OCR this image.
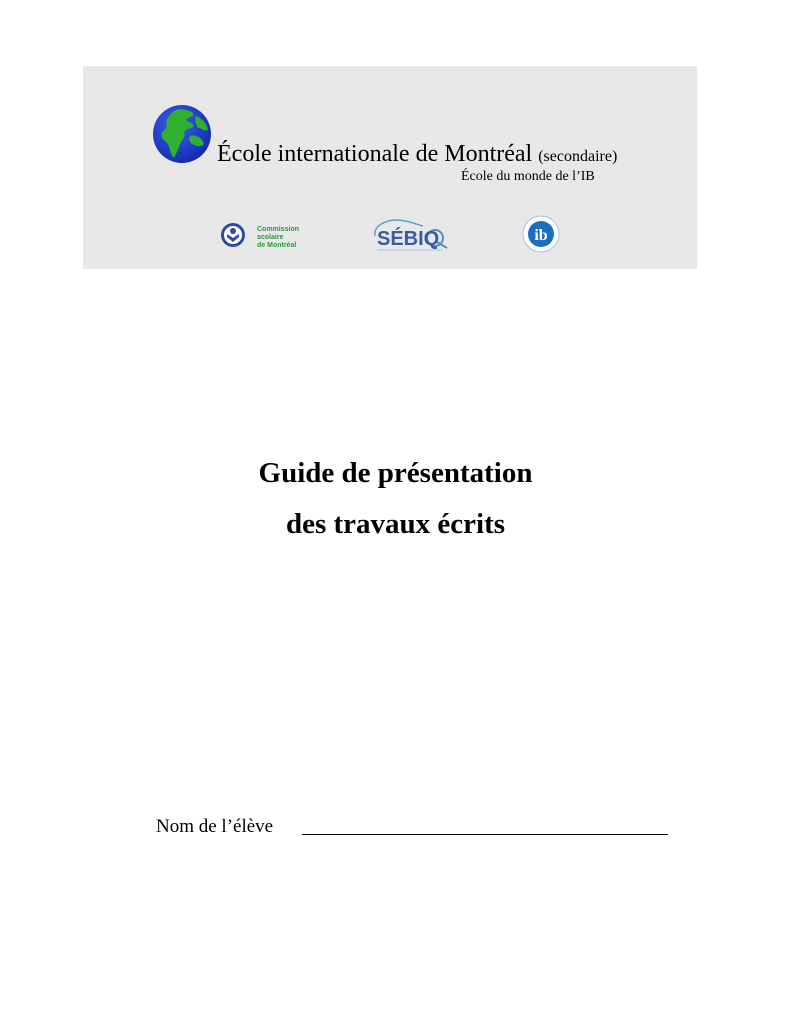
École internationale de Montréal (secondaire)
École du monde de l’IB
Commission
scolaire
de Montréal	SÉBIQ	ib
Guide de présentation
des travaux écrits
Nom de l’élève
